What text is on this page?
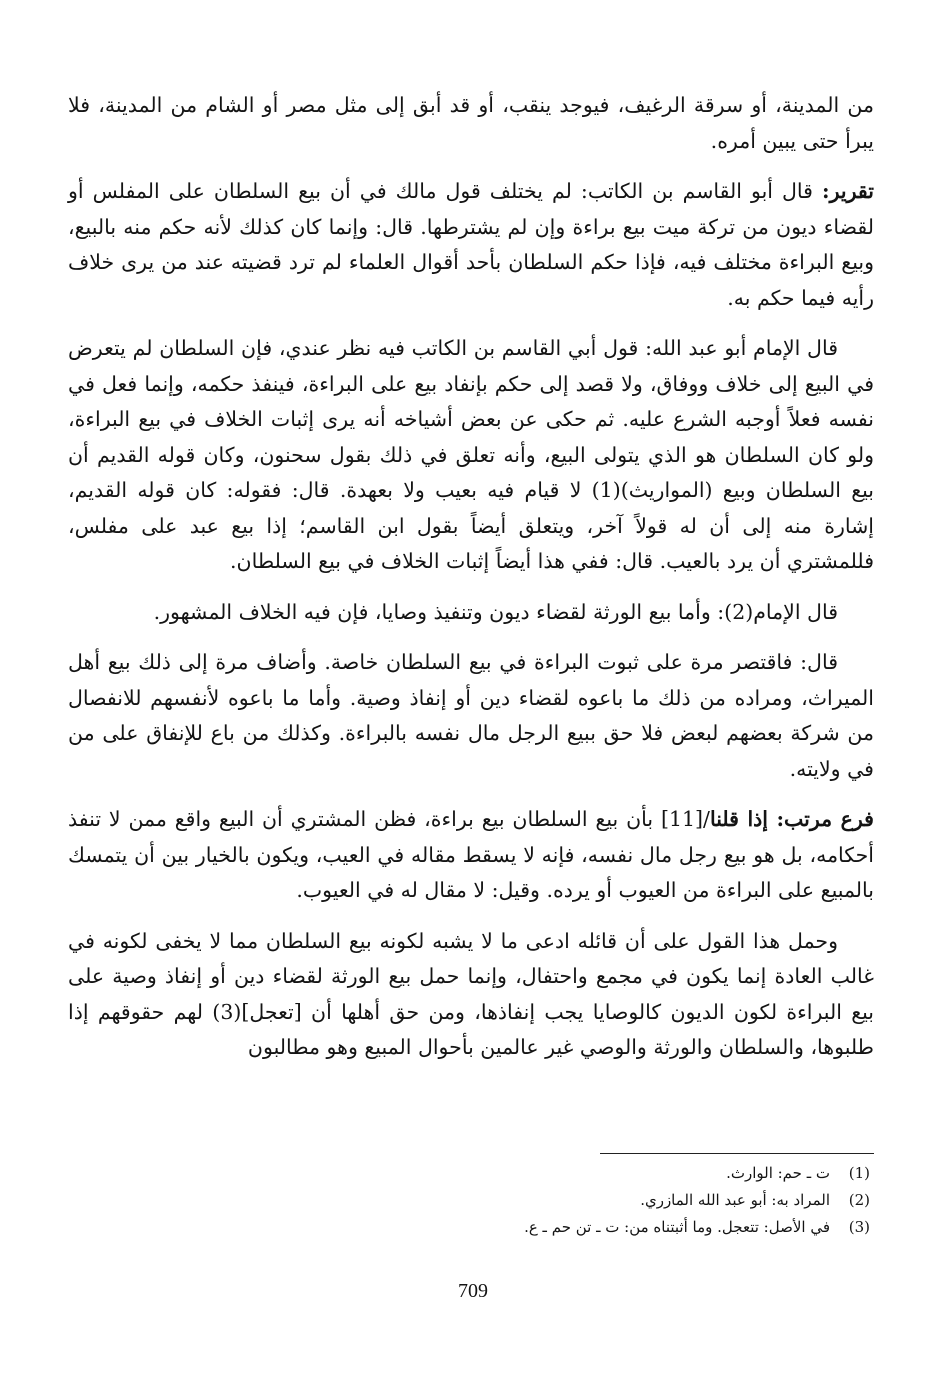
من المدينة، أو سرقة الرغيف، فيوجد ينقب، أو قد أبق إلى مثل مصر أو الشام من المدينة، فلا يبرأ حتى يبين أمره.

تقرير: قال أبو القاسم بن الكاتب: لم يختلف قول مالك في أن بيع السلطان على المفلس أو لقضاء ديون من تركة ميت بيع براءة وإن لم يشترطها. قال: وإنما كان كذلك لأنه حكم منه بالبيع، وبيع البراءة مختلف فيه، فإذا حكم السلطان بأحد أقوال العلماء لم ترد قضيته عند من يرى خلاف رأيه فيما حكم به.

قال الإمام أبو عبد الله: قول أبي القاسم بن الكاتب فيه نظر عندي، فإن السلطان لم يتعرض في البيع إلى خلاف ووفاق، ولا قصد إلى حكم بإنفاد بيع على البراءة، فينفذ حكمه، وإنما فعل في نفسه فعلاً أوجبه الشرع عليه. ثم حكى عن بعض أشياخه أنه يرى إثبات الخلاف في بيع البراءة، ولو كان السلطان هو الذي يتولى البيع، وأنه تعلق في ذلك بقول سحنون، وكان قوله القديم أن بيع السلطان وبيع (المواريث)(1) لا قيام فيه بعيب ولا بعهدة. قال: فقوله: كان قوله القديم، إشارة منه إلى أن له قولاً آخر، ويتعلق أيضاً بقول ابن القاسم؛ إذا بيع عبد على مفلس، فللمشتري أن يرد بالعيب. قال: ففي هذا أيضاً إثبات الخلاف في بيع السلطان.

قال الإمام(2): وأما بيع الورثة لقضاء ديون وتنفيذ وصايا، فإن فيه الخلاف المشهور.

قال: فاقتصر مرة على ثبوت البراءة في بيع السلطان خاصة. وأضاف مرة إلى ذلك بيع أهل الميراث، ومراده من ذلك ما باعوه لقضاء دين أو إنفاذ وصية. وأما ما باعوه لأنفسهم للانفصال من شركة بعضهم لبعض فلا حق ببيع الرجل مال نفسه بالبراءة. وكذلك من باع للإنفاق على من في ولايته.

فرع مرتب: إذا قلنا/[11] بأن بيع السلطان بيع براءة، فظن المشتري أن البيع واقع ممن لا تنفذ أحكامه، بل هو بيع رجل مال نفسه، فإنه لا يسقط مقاله في العيب، ويكون بالخيار بين أن يتمسك بالمبيع على البراءة من العيوب أو يرده. وقيل: لا مقال له في العيوب.

وحمل هذا القول على أن قائله ادعى ما لا يشبه لكونه بيع السلطان مما لا يخفى لكونه في غالب العادة إنما يكون في مجمع واحتفال، وإنما حمل بيع الورثة لقضاء دين أو إنفاذ وصية على بيع البراءة لكون الديون كالوصايا يجب إنفاذها، ومن حق أهلها أن [تعجل](3) لهم حقوقهم إذا طلبوها، والسلطان والورثة والوصي غير عالمين بأحوال المبيع وهو مطالبون

(1)
ت ـ حم: الوارث.
(2)
المراد به: أبو عبد الله المازري.
(3)
في الأصل: تتعجل. وما أثبتناه من: ت ـ تن حم ـ ع.
709
